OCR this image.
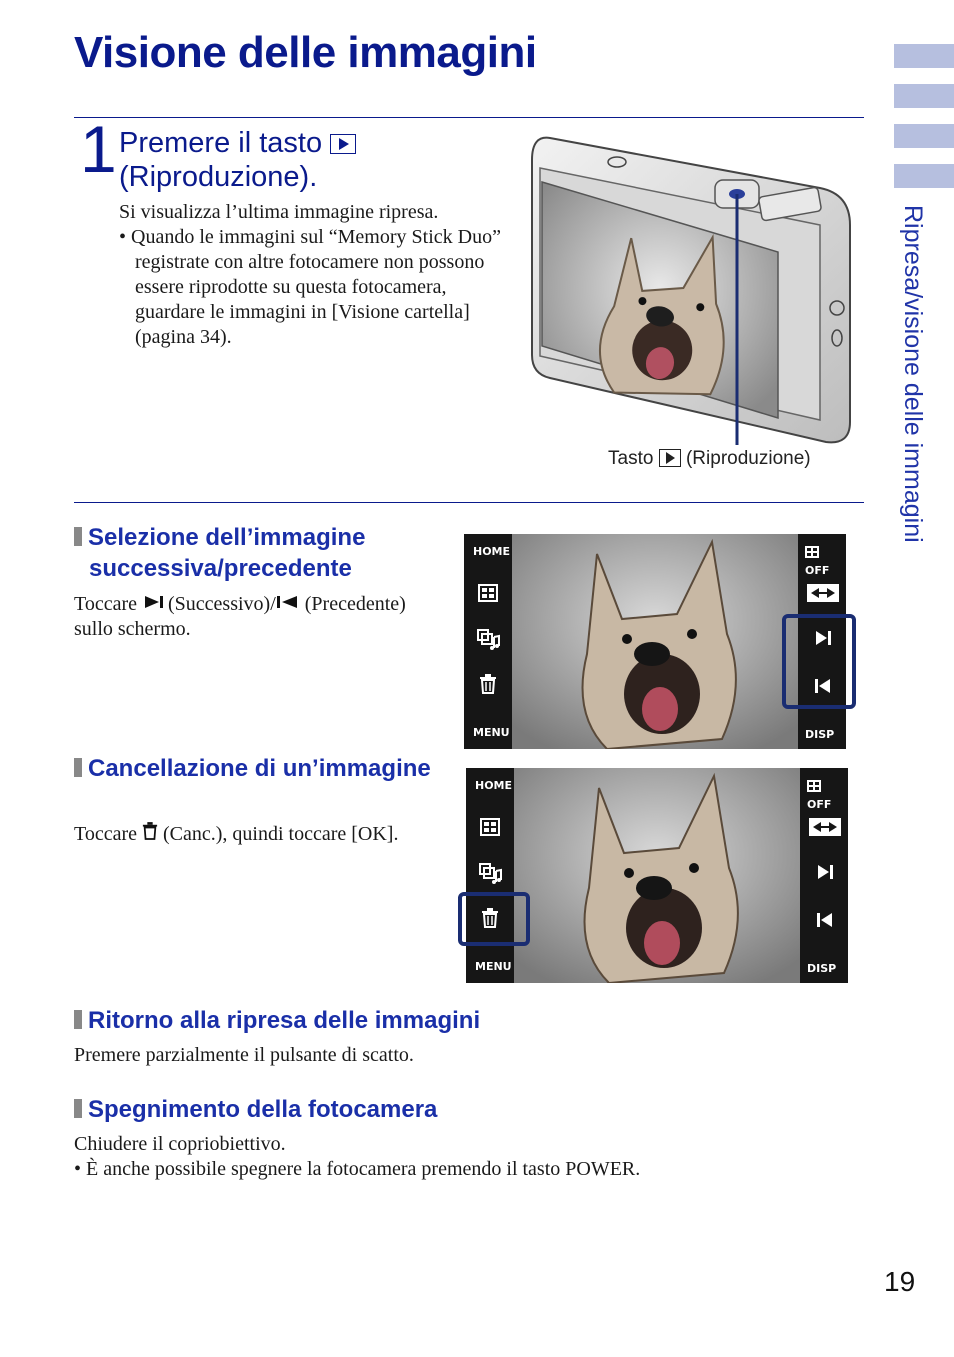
Visione delle immagini
Ripresa/visione delle immagini
1 Premere il tasto
(Riproduzione).
Si visualizza l’ultima immagine ripresa.
• Quando le immagini sul “Memory Stick Duo” registrate con altre fotocamere non possono essere riprodotte su questa fotocamera, guardare le immagini in [Visione cartella] (pagina 34).
Tasto (Riproduzione)
Selezione dell’immagine successiva/precedente
Toccare (Successivo)/ (Precedente) sullo schermo.
HOME
MENU
OFF
DISP
Cancellazione di un’immagine
Toccare (Canc.), quindi toccare [OK].
HOME
MENU
OFF
DISP
Ritorno alla ripresa delle immagini
Premere parzialmente il pulsante di scatto.
Spegnimento della fotocamera
Chiudere il copriobiettivo.
• È anche possibile spegnere la fotocamera premendo il tasto POWER.
19
